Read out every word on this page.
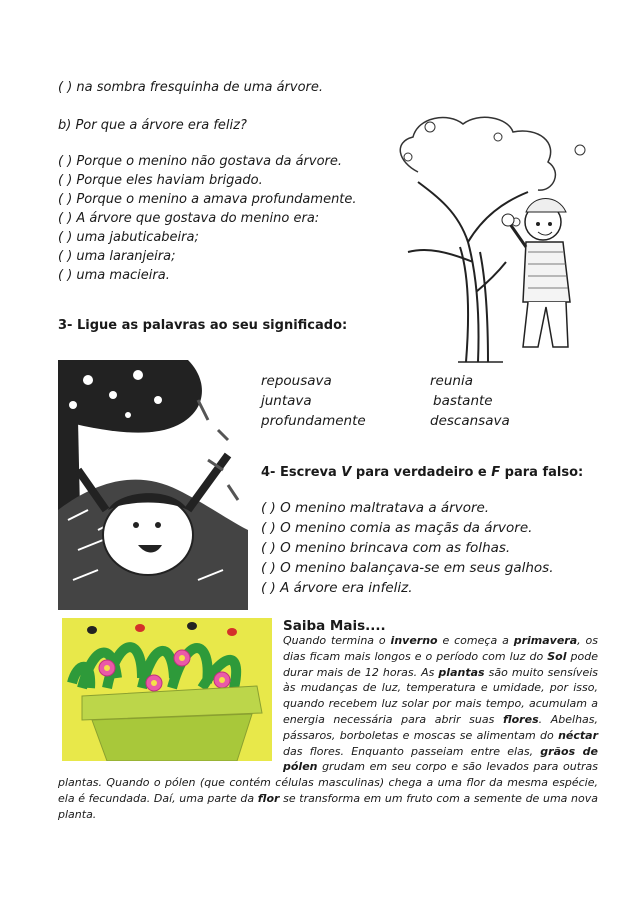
( ) na sombra fresquinha de uma árvore.
b) Por que a árvore era feliz?
( ) Porque o menino não gostava da árvore.
( ) Porque eles haviam brigado.
( ) Porque o menino a amava profundamente.
( ) A árvore que gostava do menino era:
( ) uma jabuticabeira;
( ) uma laranjeira;
( ) uma macieira.
3- Ligue as palavras ao seu significado:
repousava
juntava
profundamente
reunia
bastante
descansava
4- Escreva V para verdadeiro e F para falso:
( ) O menino maltratava a árvore.
( ) O menino comia as maçãs da árvore.
( ) O menino brincava com as folhas.
( ) O menino balançava-se em seus galhos.
( ) A árvore era infeliz.
Saiba Mais....
Quando termina o inverno e começa a primavera, os dias ficam mais longos e o período com luz do Sol pode durar mais de 12 horas. As plantas são muito sensíveis às mudanças de luz, temperatura e umidade, por isso, quando recebem luz solar por mais tempo, acumulam a energia necessária para abrir suas flores. Abelhas, pássaros, borboletas e moscas se alimentam do néctar das flores. Enquanto passeiam entre elas, grãos de pólen grudam em seu corpo e são levados para outras plantas. Quando o pólen (que contém células masculinas) chega a uma flor da mesma espécie, ela é fecundada. Daí, uma parte da flor se transforma em um fruto com a semente de uma nova planta.
